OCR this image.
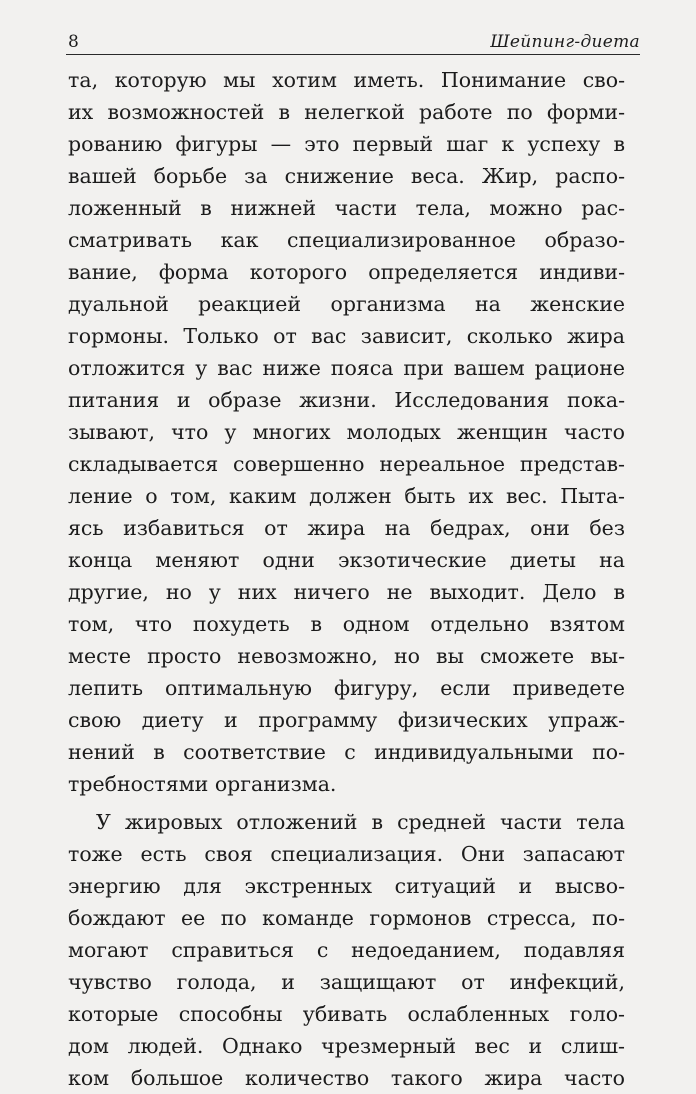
8	Шейпинг-диета
та, которую мы хотим иметь. Понимание сво-
их возможностей в нелегкой работе по форми-
рованию фигуры — это первый шаг к успеху в
вашей борьбе за снижение веса. Жир, распо-
ложенный в нижней части тела, можно рас-
сматривать как специализированное образо-
вание, форма которого определяется индиви-
дуальной реакцией организма на женские
гормоны. Только от вас зависит, сколько жира
отложится у вас ниже пояса при вашем рационе
питания и образе жизни. Исследования пока-
зывают, что у многих молодых женщин часто
складывается совершенно нереальное представ-
ление о том, каким должен быть их вес. Пыта-
ясь избавиться от жира на бедрах, они без
конца меняют одни экзотические диеты на
другие, но у них ничего не выходит. Дело в
том, что похудеть в одном отдельно взятом
месте просто невозможно, но вы сможете вы-
лепить оптимальную фигуру, если приведете
свою диету и программу физических упраж-
нений в соответствие с индивидуальными по-
требностями организма.
У жировых отложений в средней части тела
тоже есть своя специализация. Они запасают
энергию для экстренных ситуаций и высво-
бождают ее по команде гормонов стресса, по-
могают справиться с недоеданием, подавляя
чувство голода, и защищают от инфекций,
которые способны убивать ослабленных голо-
дом людей. Однако чрезмерный вес и слиш-
ком большое количество такого жира часто
